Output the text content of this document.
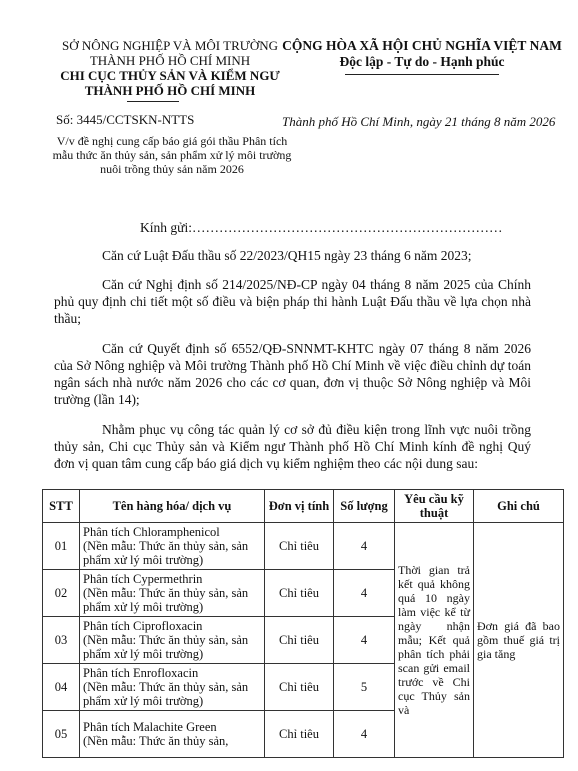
SỞ NÔNG NGHIỆP VÀ MÔI TRƯỜNG
THÀNH PHỐ HỒ CHÍ MINH
CHI CỤC THỦY SẢN VÀ KIỂM NGƯ
THÀNH PHỐ HỒ CHÍ MINH
CỘNG HÒA XÃ HỘI CHỦ NGHĨA VIỆT NAM
Độc lập - Tự do - Hạnh phúc
Số: 3445/CCTSKN-NTTS	Thành phố Hồ Chí Minh, ngày 21 tháng 8 năm 2026
V/v đề nghị cung cấp báo giá gói thầu Phân tích mẫu thức ăn thủy sản, sản phẩm xử lý môi trường nuôi trồng thủy sản năm 2026
Kính gửi:……………………………………………………………
Căn cứ Luật Đấu thầu số 22/2023/QH15 ngày 23 tháng 6 năm 2023;
Căn cứ Nghị định số 214/2025/NĐ-CP ngày 04 tháng 8 năm 2025 của Chính phủ quy định chi tiết một số điều và biện pháp thi hành Luật Đấu thầu về lựa chọn nhà thầu;
Căn cứ Quyết định số 6552/QĐ-SNNMT-KHTC ngày 07 tháng 8 năm 2026 của Sở Nông nghiệp và Môi trường Thành phố Hồ Chí Minh về việc điều chỉnh dự toán ngân sách nhà nước năm 2026 cho các cơ quan, đơn vị thuộc Sở Nông nghiệp và Môi trường (lần 14);
Nhằm phục vụ công tác quản lý cơ sở đủ điều kiện trong lĩnh vực nuôi trồng thủy sản, Chi cục Thủy sản và Kiểm ngư Thành phố Hồ Chí Minh kính đề nghị Quý đơn vị quan tâm cung cấp báo giá dịch vụ kiểm nghiệm theo các nội dung sau:
STT	Tên hàng hóa/ dịch vụ	Đơn vị tính	Số lượng	Yêu cầu kỹ thuật	Ghi chú
01	Phân tích Chloramphenicol
(Nền mẫu: Thức ăn thủy sản, sản phẩm xử lý môi trường)	Chỉ tiêu	4	Thời gian trả kết quả không quá 10 ngày làm việc kể từ ngày nhận mẫu; Kết quả phân tích phải scan gửi email trước về Chi cục Thủy sản và	Đơn giá đã bao gồm thuế giá trị gia tăng
02	Phân tích Cypermethrin
(Nền mẫu: Thức ăn thủy sản, sản phẩm xử lý môi trường)	Chỉ tiêu	4		
03	Phân tích Ciprofloxacin
(Nền mẫu: Thức ăn thủy sản, sản phẩm xử lý môi trường)	Chỉ tiêu	4		
04	Phân tích Enrofloxacin
(Nền mẫu: Thức ăn thủy sản, sản phẩm xử lý môi trường)	Chỉ tiêu	5		
05	Phân tích Malachite Green
(Nền mẫu: Thức ăn thủy sản,	Chỉ tiêu	4		
